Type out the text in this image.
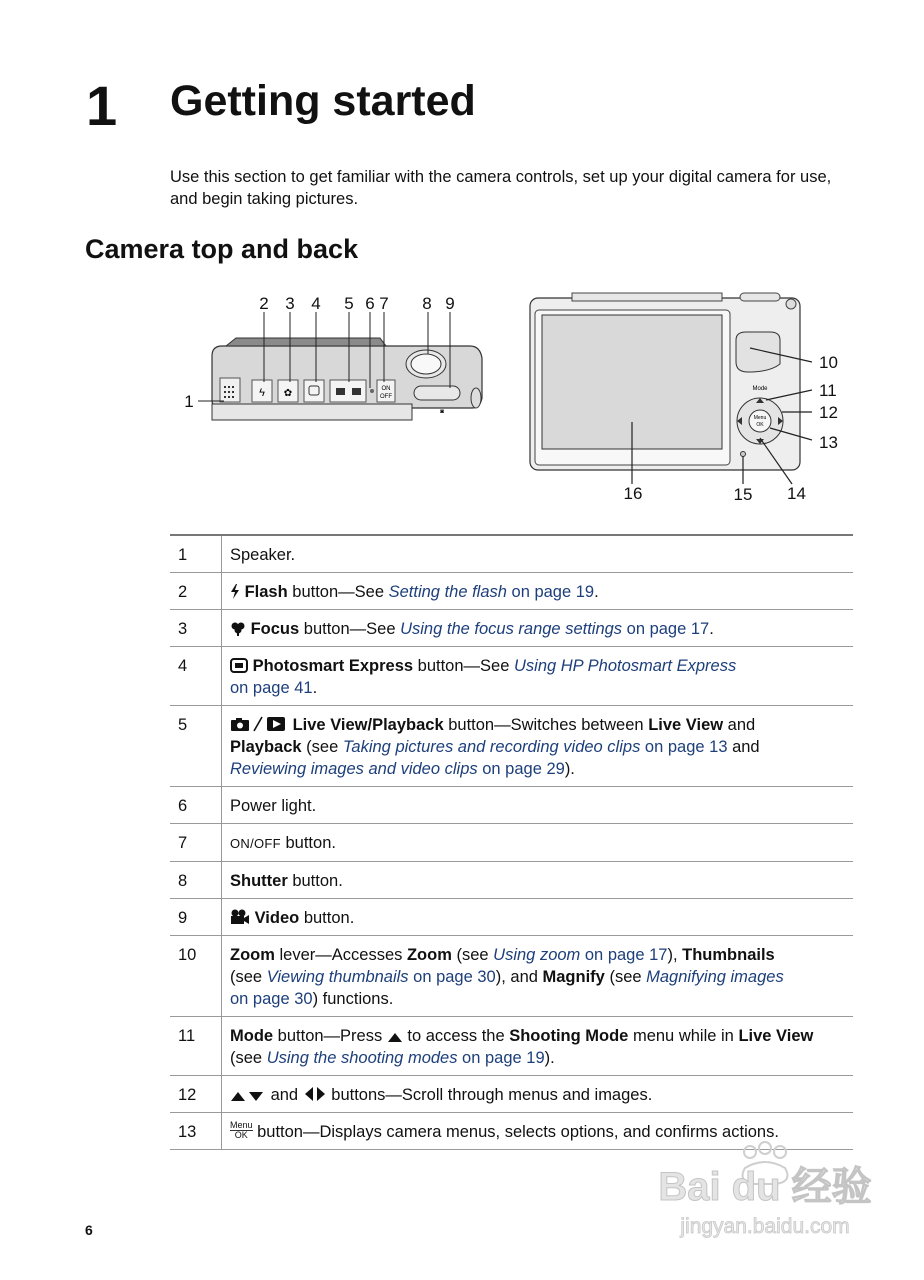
1 Getting started

Use this section to get familiar with the camera controls, set up your digital camera for use, and begin taking pictures.

Camera top and back
ϟ ✿	ON
OFF
◙
2 3 4 5 6 7 8 9
1
Mode
Menu
OK
10
11
12
13
14
16	15
1	Speaker.
2	Flash button—See Setting the flash on page 19.
3	Focus button—See Using the focus range settings on page 17.
4	Photosmart Express button—See Using HP Photosmart Express
on page 41.
5	Live View/Playback button—Switches between Live View and
Playback (see Taking pictures and recording video clips on page 13 and
Reviewing images and video clips on page 29).
6	Power light.
7	ON/OFF button.
8	Shutter button.
9	Video button.
10	Zoom lever—Accesses Zoom (see Using zoom on page 17), Thumbnails
(see Viewing thumbnails on page 30), and Magnify (see Magnifying images
on page 30) functions.
11	Mode button—Press  to access the Shooting Mode menu while in Live View (see Using the shooting modes on page 19).
12	and  buttons—Scroll through menus and images.
13	Menu
OK button—Displays camera menus, selects options, and confirms actions.
6
Bai du 经验
jingyan.baidu.com
